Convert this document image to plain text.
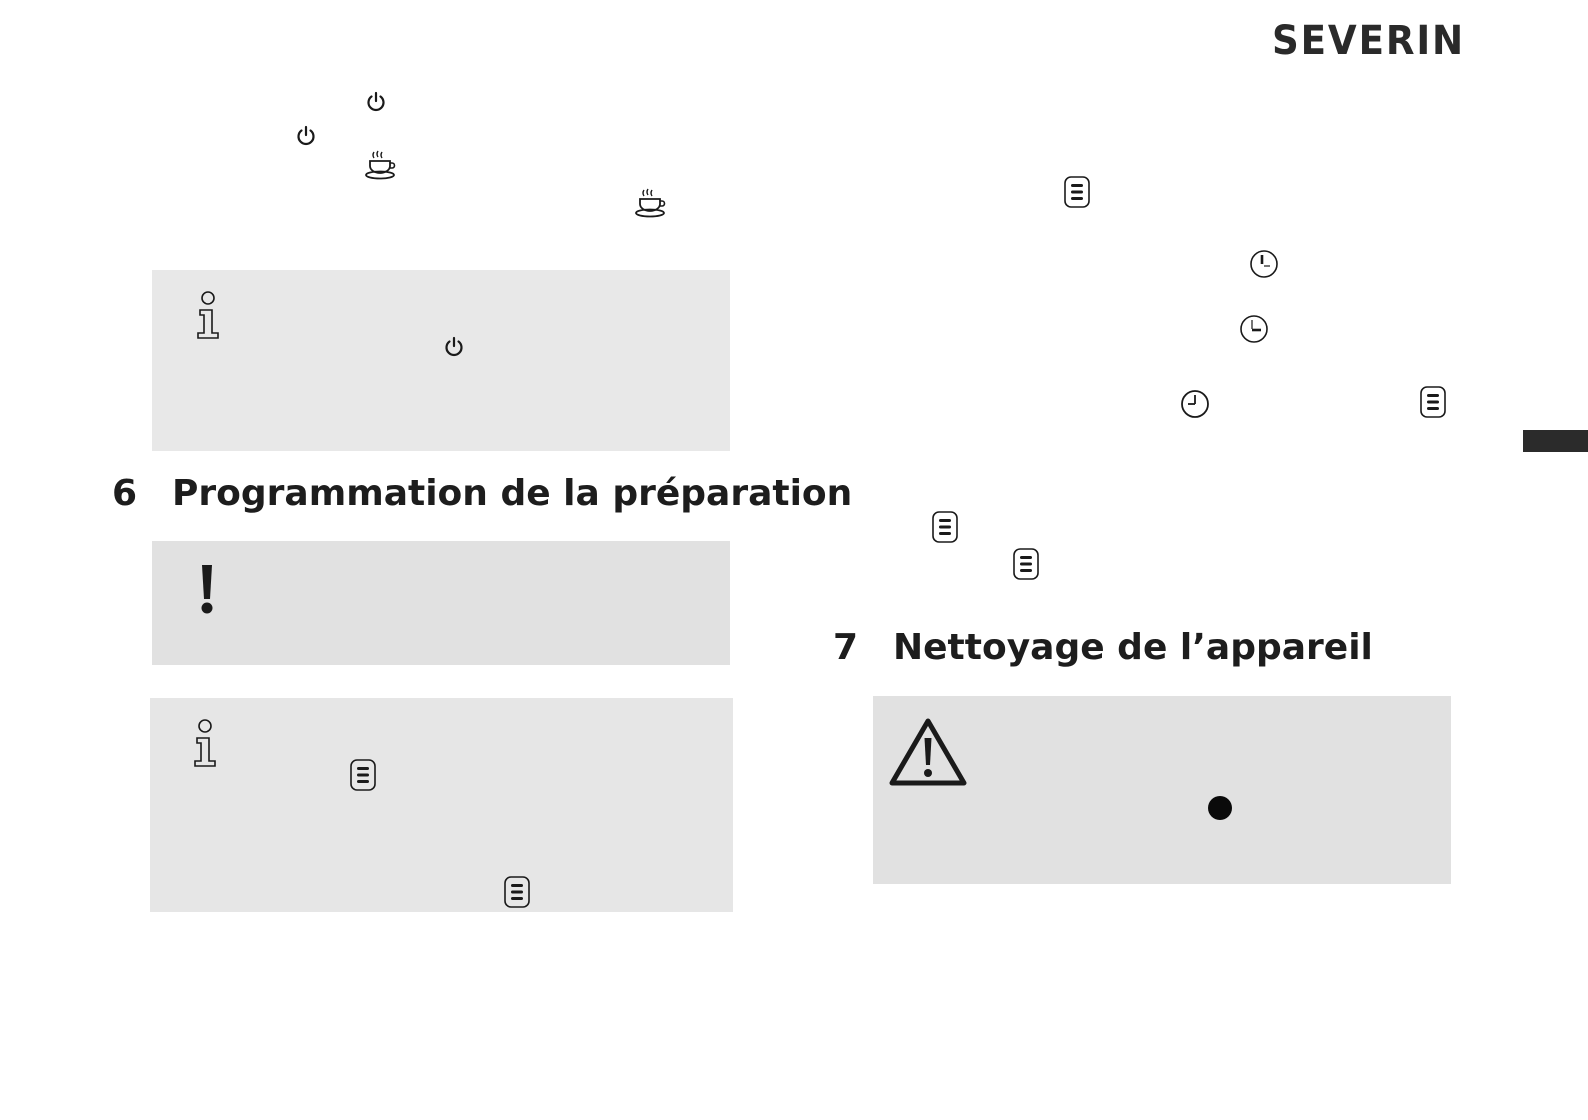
SEVERIN
6 Programmation de la préparation
7 Nettoyage de l’appareil
